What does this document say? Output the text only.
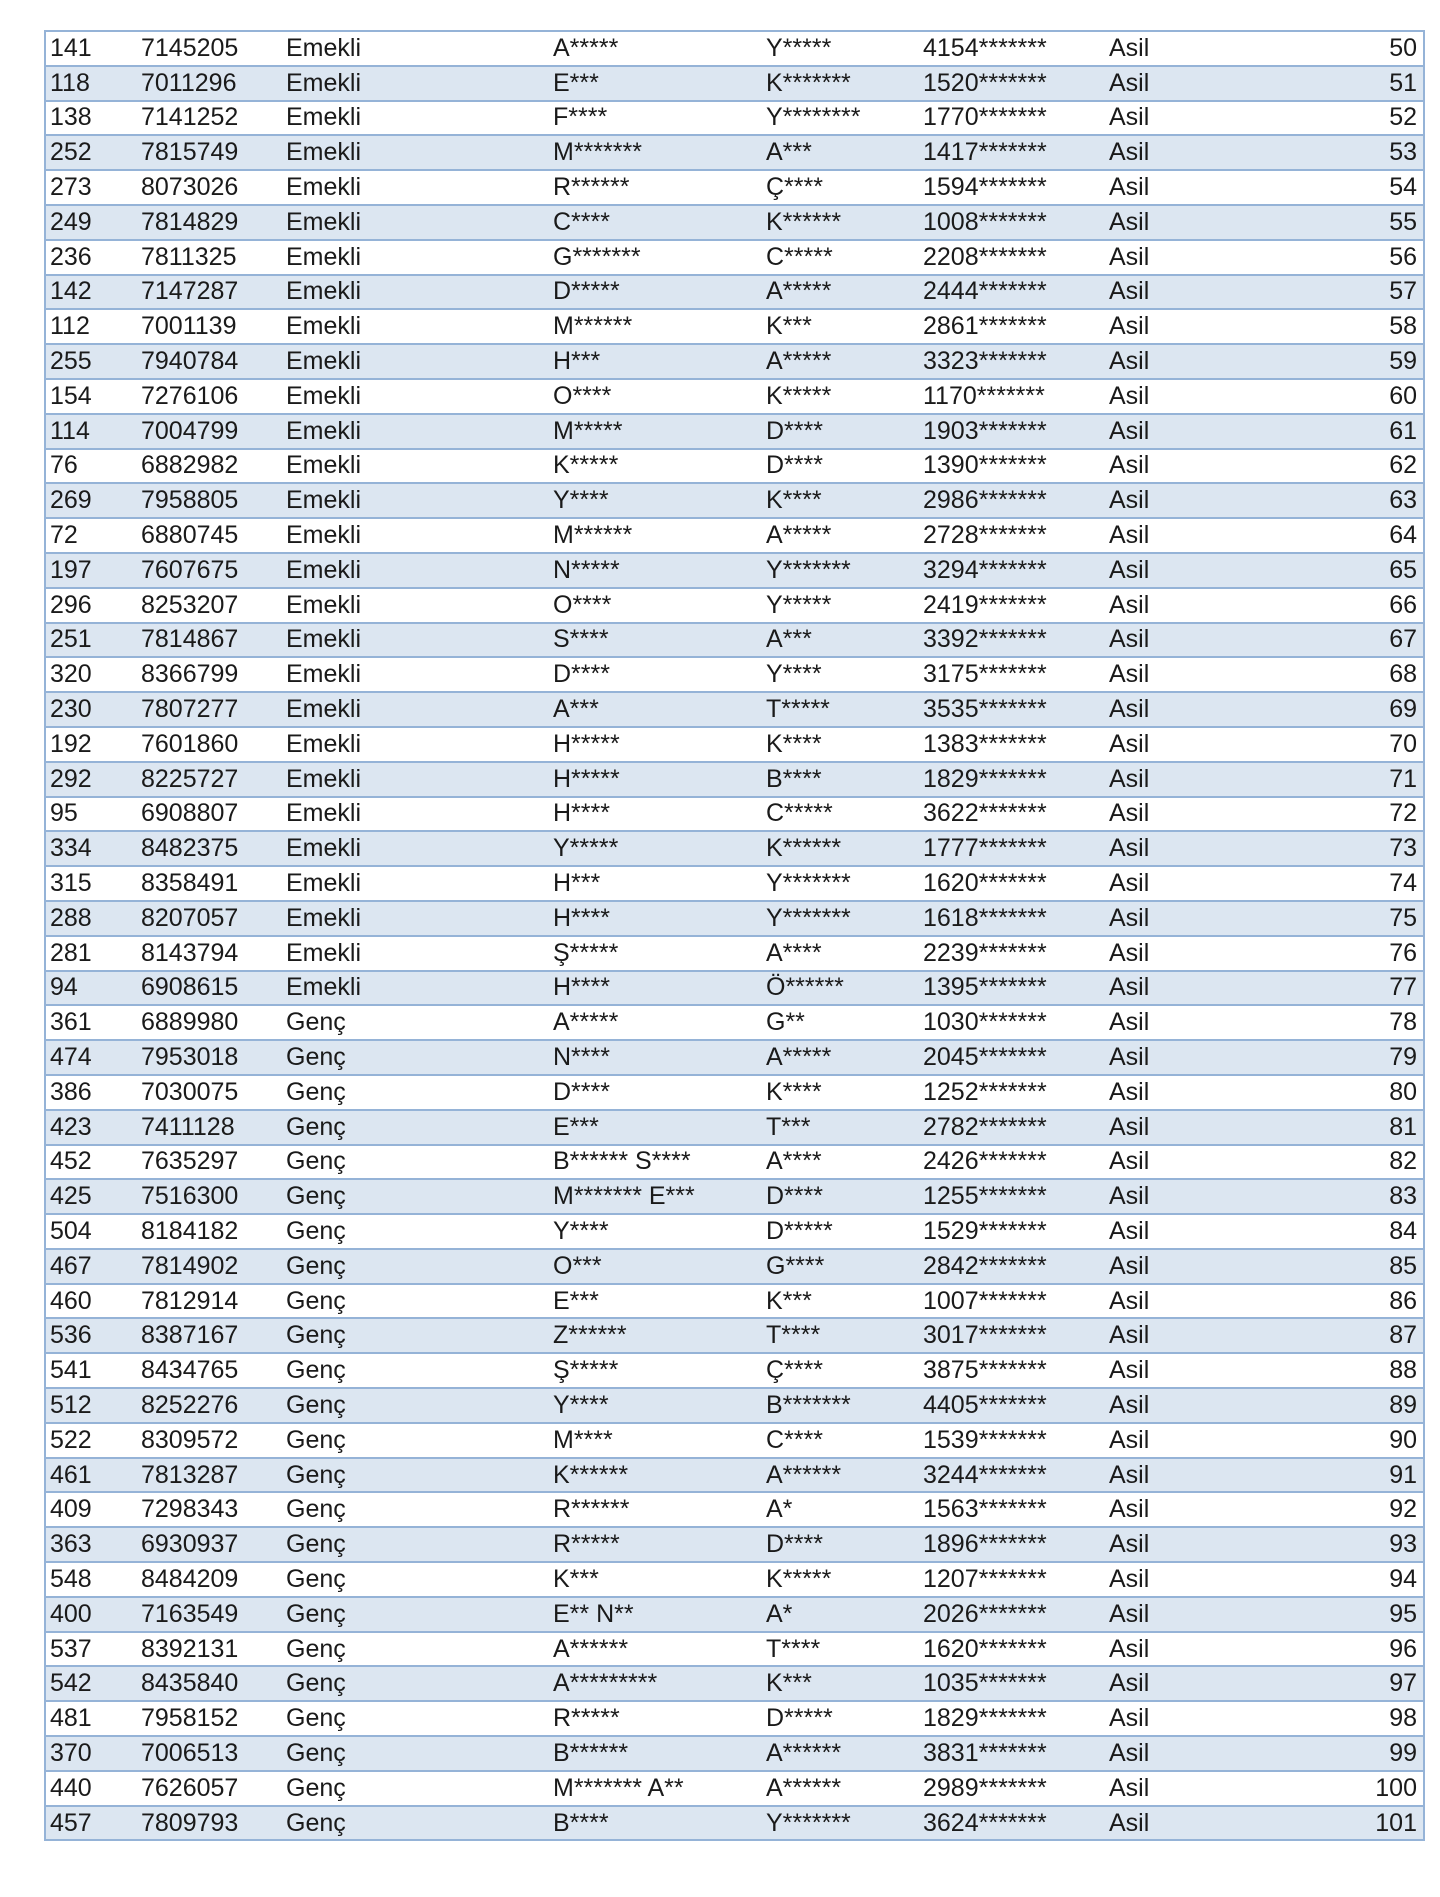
141	7145205	Emekli	A*****	Y*****	4154*******	Asil	50
118	7011296	Emekli	E***	K*******	1520*******	Asil	51
138	7141252	Emekli	F****	Y********	1770*******	Asil	52
252	7815749	Emekli	M*******	A***	1417*******	Asil	53
273	8073026	Emekli	R******	Ç****	1594*******	Asil	54
249	7814829	Emekli	C****	K******	1008*******	Asil	55
236	7811325	Emekli	G*******	C*****	2208*******	Asil	56
142	7147287	Emekli	D*****	A*****	2444*******	Asil	57
112	7001139	Emekli	M******	K***	2861*******	Asil	58
255	7940784	Emekli	H***	A*****	3323*******	Asil	59
154	7276106	Emekli	O****	K*****	1170*******	Asil	60
114	7004799	Emekli	M*****	D****	1903*******	Asil	61
76	6882982	Emekli	K*****	D****	1390*******	Asil	62
269	7958805	Emekli	Y****	K****	2986*******	Asil	63
72	6880745	Emekli	M******	A*****	2728*******	Asil	64
197	7607675	Emekli	N*****	Y*******	3294*******	Asil	65
296	8253207	Emekli	O****	Y*****	2419*******	Asil	66
251	7814867	Emekli	S****	A***	3392*******	Asil	67
320	8366799	Emekli	D****	Y****	3175*******	Asil	68
230	7807277	Emekli	A***	T*****	3535*******	Asil	69
192	7601860	Emekli	H*****	K****	1383*******	Asil	70
292	8225727	Emekli	H*****	B****	1829*******	Asil	71
95	6908807	Emekli	H****	C*****	3622*******	Asil	72
334	8482375	Emekli	Y*****	K******	1777*******	Asil	73
315	8358491	Emekli	H***	Y*******	1620*******	Asil	74
288	8207057	Emekli	H****	Y*******	1618*******	Asil	75
281	8143794	Emekli	Ş*****	A****	2239*******	Asil	76
94	6908615	Emekli	H****	Ö******	1395*******	Asil	77
361	6889980	Genç	A*****	G**	1030*******	Asil	78
474	7953018	Genç	N****	A*****	2045*******	Asil	79
386	7030075	Genç	D****	K****	1252*******	Asil	80
423	7411128	Genç	E***	T***	2782*******	Asil	81
452	7635297	Genç	B****** S****	A****	2426*******	Asil	82
425	7516300	Genç	M******* E***	D****	1255*******	Asil	83
504	8184182	Genç	Y****	D*****	1529*******	Asil	84
467	7814902	Genç	O***	G****	2842*******	Asil	85
460	7812914	Genç	E***	K***	1007*******	Asil	86
536	8387167	Genç	Z******	T****	3017*******	Asil	87
541	8434765	Genç	Ş*****	Ç****	3875*******	Asil	88
512	8252276	Genç	Y****	B*******	4405*******	Asil	89
522	8309572	Genç	M****	C****	1539*******	Asil	90
461	7813287	Genç	K******	A******	3244*******	Asil	91
409	7298343	Genç	R******	A*	1563*******	Asil	92
363	6930937	Genç	R*****	D****	1896*******	Asil	93
548	8484209	Genç	K***	K*****	1207*******	Asil	94
400	7163549	Genç	E** N**	A*	2026*******	Asil	95
537	8392131	Genç	A******	T****	1620*******	Asil	96
542	8435840	Genç	A*********	K***	1035*******	Asil	97
481	7958152	Genç	R*****	D*****	1829*******	Asil	98
370	7006513	Genç	B******	A******	3831*******	Asil	99
440	7626057	Genç	M******* A**	A******	2989*******	Asil	100
457	7809793	Genç	B****	Y*******	3624*******	Asil	101
